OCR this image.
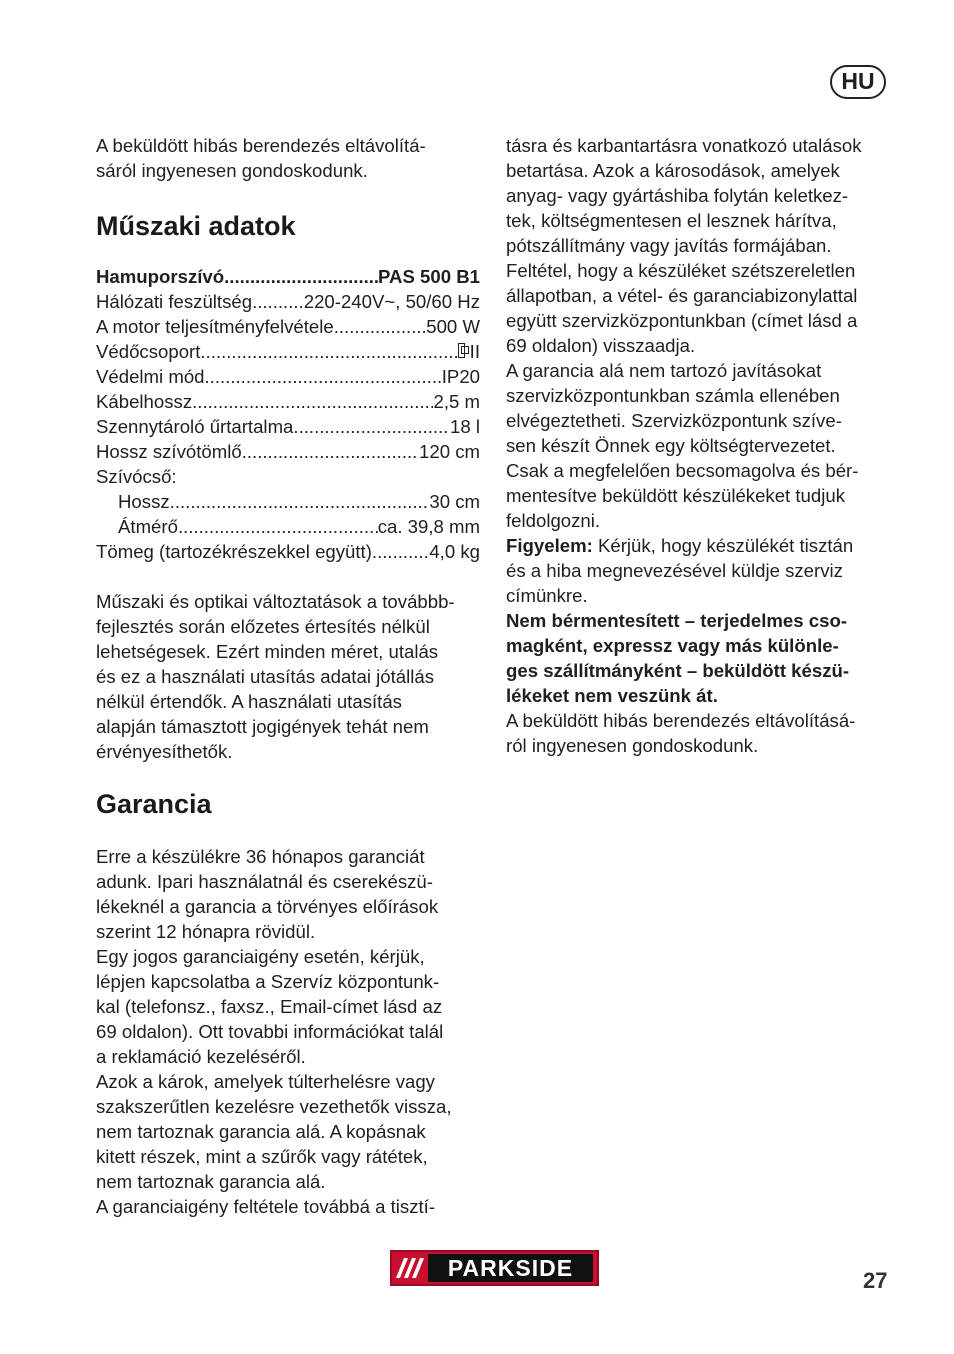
HU

A beküldött hibás berendezés eltávolítá-

sáról ingyenesen gondoskodunk.

Műszaki adatok
Hamuporszívó .....	PAS 500 B1
Hálózati feszültség .....	220-240V~, 50/60 Hz
A motor teljesítményfelvétele .....	500 W
Védőcsoport .....	II
Védelmi mód .....	IP20
Kábelhossz .....	2,5 m
Szennytároló űrtartalma .....	18 l
Hossz szívótömlő .....	120 cm

Szívócső:

Hossz .....	30 cm
Átmérő .....	ca. 39,8 mm
Tömeg (tartozékrészekkel együtt) .....	4,0 kg

Műszaki és optikai változtatások a továbbb-

fejlesztés során előzetes értesítés nélkül

lehetségesek. Ezért minden méret, utalás

és ez a használati utasítás adatai jótállás

nélkül értendők. A használati utasítás

alapján támasztott jogigények tehát nem

érvényesíthetők.

Garancia

Erre a készülékre 36 hónapos garanciát

adunk. Ipari használatnál és cserekészü-

lékeknél a garancia a törvényes előírások

szerint 12 hónapra rövidül.

Egy jogos garanciaigény esetén, kérjük,

lépjen kapcsolatba a Szervíz központunk-

kal (telefonsz., faxsz., Email-címet lásd az

69 oldalon). Ott tovabbi információkat talál

a reklamáció kezeléséről.

Azok a károk, amelyek túlterhelésre vagy

szakszerűtlen kezelésre vezethetők vissza,

nem tartoznak garancia alá. A kopásnak

kitett részek, mint a szűrők vagy rátétek,

nem tartoznak garancia alá.

A garanciaigény feltétele továbbá a tisztí-

tásra és karbantartásra vonatkozó utalások

betartása. Azok a károsodások, amelyek

anyag- vagy gyártáshiba folytán keletkez-

tek, költségmentesen el lesznek hárítva,

pótszállítmány vagy javítás formájában.

Feltétel, hogy a készüléket szétszereletlen

állapotban, a vétel- és garanciabizonylattal

együtt szervizközpontunkban (címet lásd a

69 oldalon) visszaadja.

A garancia alá nem tartozó javításokat

szervizközpontunkban számla ellenében

elvégeztetheti. Szervizközpontunk szíve-

sen készít Önnek egy költségtervezetet.

Csak a megfelelően becsomagolva és bér-

mentesítve beküldött készülékeket tudjuk

feldolgozni.

Figyelem: Kérjük, hogy készülékét tisztán

és a hiba megnevezésével küldje szerviz

címünkre.

Nem bérmentesített – terjedelmes cso-

magként, expressz vagy más különle-

ges szállítmányként – beküldött készü-

lékeket nem veszünk át.

A beküldött hibás berendezés eltávolításá-

ról ingyenesen gondoskodunk.

PARKSIDE	27
